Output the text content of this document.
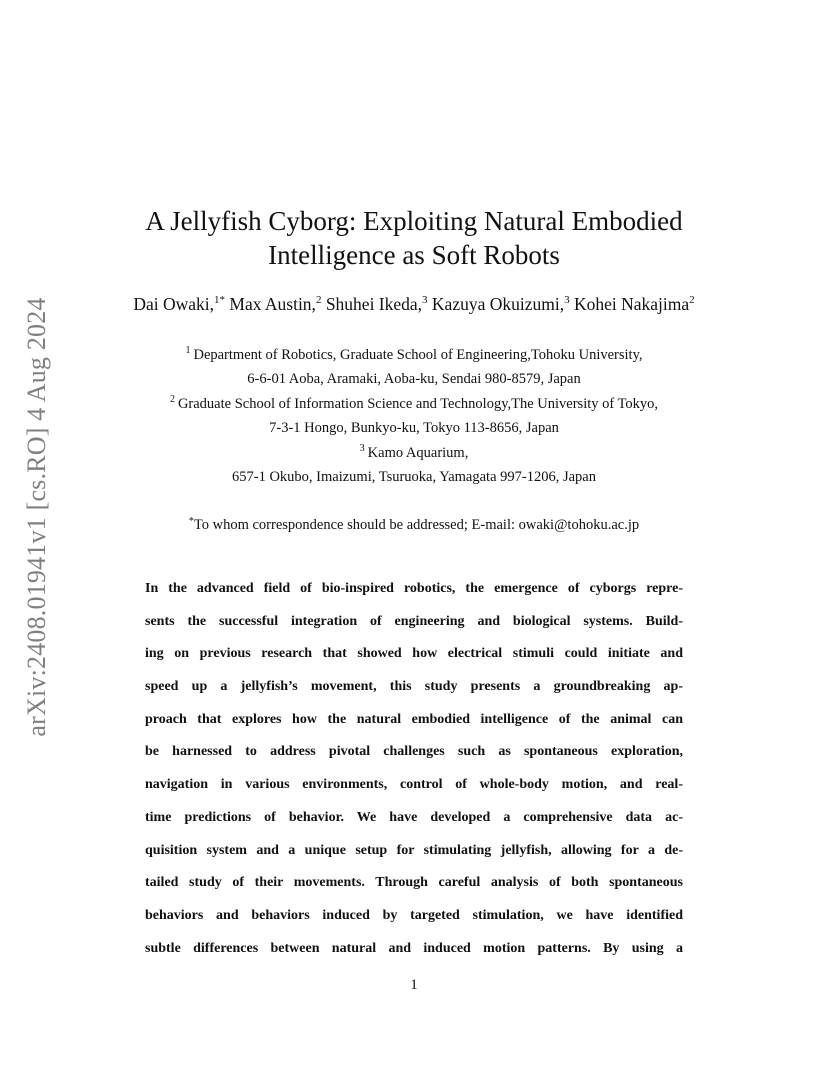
arXiv:2408.01941v1 [cs.RO] 4 Aug 2024
A Jellyfish Cyborg: Exploiting Natural Embodied
Intelligence as Soft Robots
Dai Owaki,$^{1*}$ Max Austin,$^2$ Shuhei Ikeda,$^3$ Kazuya Okuizumi,$^3$ Kohei Nakajima$^2$
$^1$ Department of Robotics, Graduate School of Engineering,Tohoku University,
6-6-01 Aoba, Aramaki, Aoba-ku, Sendai 980-8579, Japan
$^2$ Graduate School of Information Science and Technology,The University of Tokyo,
7-3-1 Hongo, Bunkyo-ku, Tokyo 113-8656, Japan
$^3$ Kamo Aquarium,
657-1 Okubo, Imaizumi, Tsuruoka, Yamagata 997-1206, Japan
*To whom correspondence should be addressed; E-mail: owaki@tohoku.ac.jp
In the advanced field of bio-inspired robotics, the emergence of cyborgs repre-
sents the successful integration of engineering and biological systems. Build-
ing on previous research that showed how electrical stimuli could initiate and
speed up a jellyfish’s movement, this study presents a groundbreaking ap-
proach that explores how the natural embodied intelligence of the animal can
be harnessed to address pivotal challenges such as spontaneous exploration,
navigation in various environments, control of whole-body motion, and real-
time predictions of behavior. We have developed a comprehensive data ac-
quisition system and a unique setup for stimulating jellyfish, allowing for a de-
tailed study of their movements. Through careful analysis of both spontaneous
behaviors and behaviors induced by targeted stimulation, we have identified
subtle differences between natural and induced motion patterns. By using a
1
